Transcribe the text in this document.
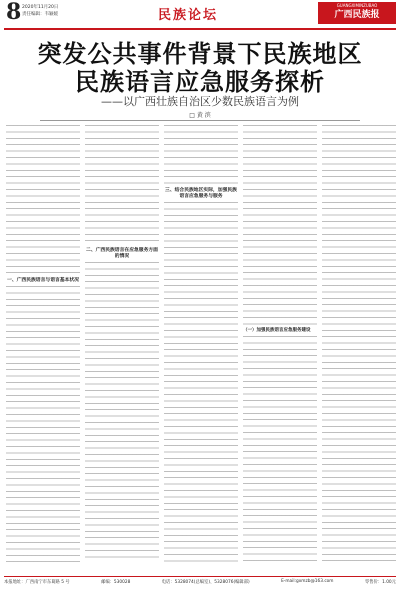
8 2020年11月20日
责任编辑：韦颖媛	民族论坛
GUANGXIMINZUBAO
广西民族报
突发公共事件背景下民族地区
民族语言应急服务探析
——以广西壮族自治区少数民族语言为例
□ 黄 滨
一、广西民族语言与语言基本状况
二、广西民族语言在应急服务方面的情况
三、结合民族地区实际，加强民族语言应急服务与服务
（一）加强民族语言应急服务建设
本报地址：广西南宁市东葛路 5 号	邮编：530028	电话：5328074(总编室)、5328076(编辑部)	E-mail:gxmzb@163.com	零售价：1.00元
